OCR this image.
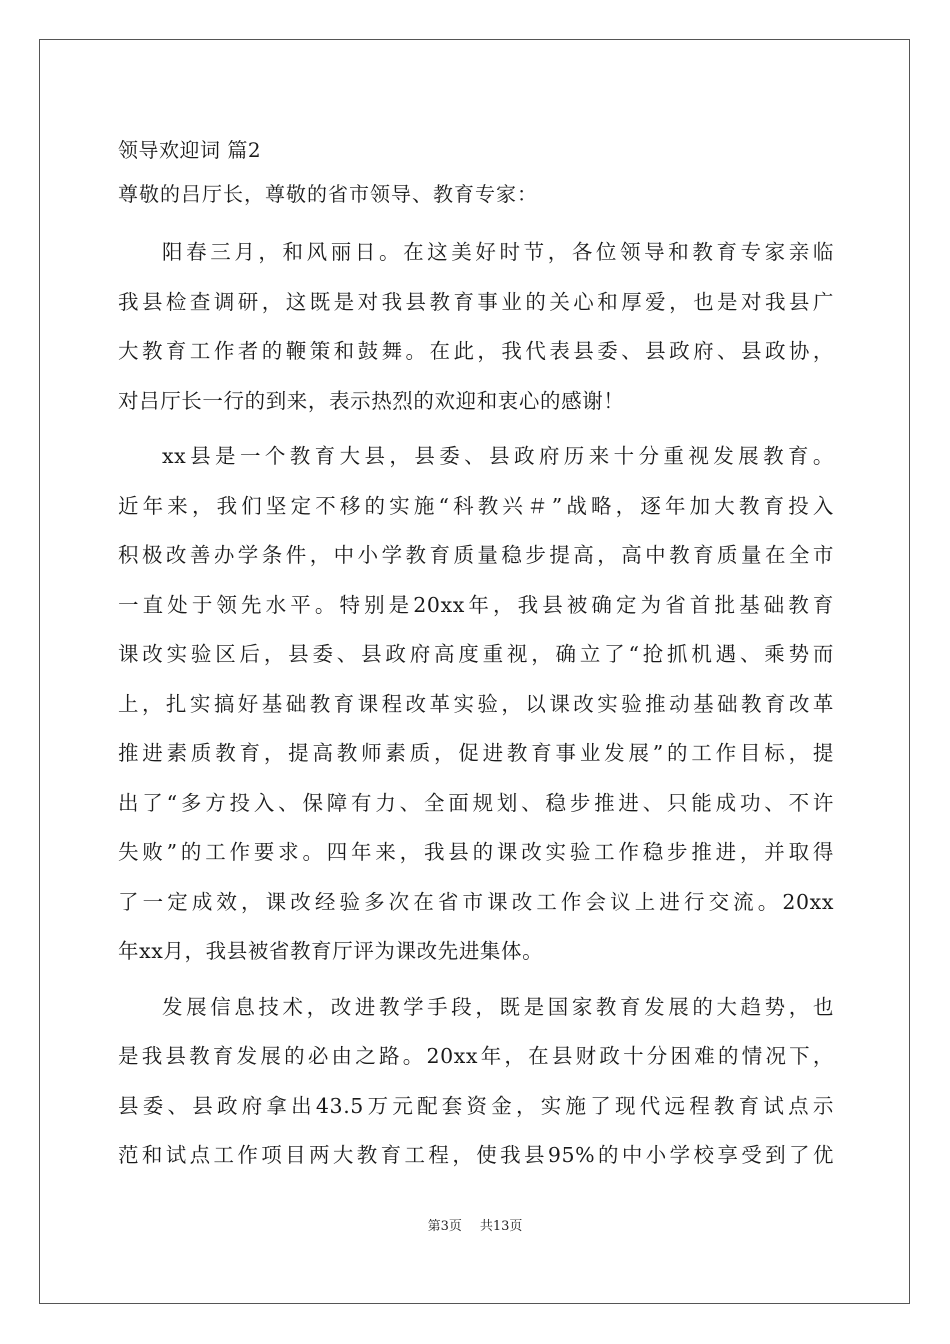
领导欢迎词 篇2
尊敬的吕厅长，尊敬的省市领导、教育专家：
阳春三月，和风丽日。在这美好时节，各位领导和教育专家亲临
我县检查调研，这既是对我县教育事业的关心和厚爱，也是对我县广
大教育工作者的鞭策和鼓舞。在此，我代表县委、县政府、县政协，
对吕厅长一行的到来，表示热烈的欢迎和衷心的感谢！
xx县是一个教育大县，县委、县政府历来十分重视发展教育。
近年来，我们坚定不移的实施“科教兴＃”战略，逐年加大教育投入
积极改善办学条件，中小学教育质量稳步提高，高中教育质量在全市
一直处于领先水平。特别是20xx年，我县被确定为省首批基础教育
课改实验区后，县委、县政府高度重视，确立了“抢抓机遇、乘势而
上，扎实搞好基础教育课程改革实验，以课改实验推动基础教育改革
推进素质教育，提高教师素质，促进教育事业发展”的工作目标，提
出了“多方投入、保障有力、全面规划、稳步推进、只能成功、不许
失败”的工作要求。四年来，我县的课改实验工作稳步推进，并取得
了一定成效，课改经验多次在省市课改工作会议上进行交流。20xx
年xx月，我县被省教育厅评为课改先进集体。
发展信息技术，改进教学手段，既是国家教育发展的大趋势，也
是我县教育发展的必由之路。20xx年，在县财政十分困难的情况下，
县委、县政府拿出43.5万元配套资金，实施了现代远程教育试点示
范和试点工作项目两大教育工程，使我县95%的中小学校享受到了优
第3页 共13页
